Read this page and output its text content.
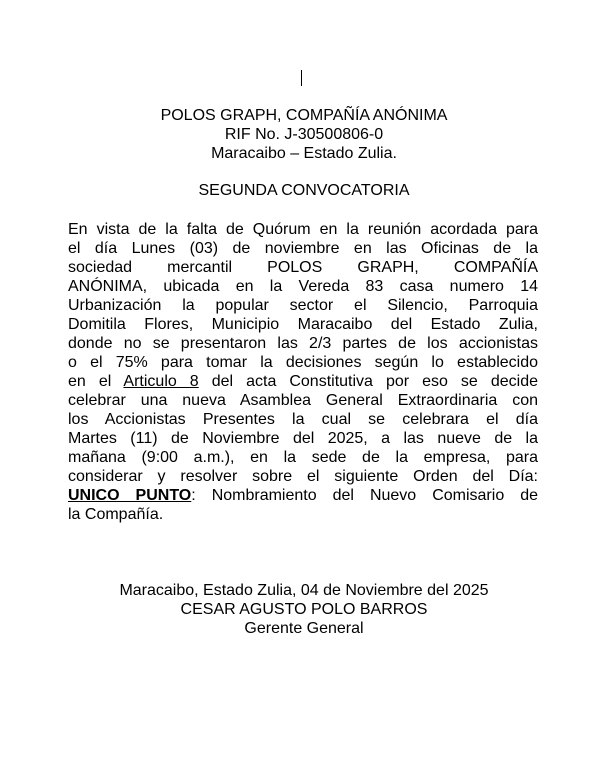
POLOS GRAPH, COMPAÑÍA ANÓNIMA
RIF No. J-30500806-0
Maracaibo – Estado Zulia.
SEGUNDA CONVOCATORIA
En vista de la falta de Quórum en la reunión acordada para
el día Lunes (03) de noviembre en las Oficinas de la
sociedad mercantil POLOS GRAPH, COMPAÑÍA
ANÓNIMA, ubicada en la Vereda 83 casa numero 14
Urbanización la popular sector el Silencio, Parroquia
Domitila Flores, Municipio Maracaibo del Estado Zulia,
donde no se presentaron las 2/3 partes de los accionistas
o el 75% para tomar la decisiones según lo establecido
en el Articulo 8 del acta Constitutiva por eso se decide
celebrar una nueva Asamblea General Extraordinaria con
los Accionistas Presentes la cual se celebrara el día
Martes (11) de Noviembre del 2025, a las nueve de la
mañana (9:00 a.m.), en la sede de la empresa, para
considerar y resolver sobre el siguiente Orden del Día:
UNICO PUNTO: Nombramiento del Nuevo Comisario de
la Compañía.
Maracaibo, Estado Zulia, 04 de Noviembre del 2025
CESAR AGUSTO POLO BARROS
Gerente General
